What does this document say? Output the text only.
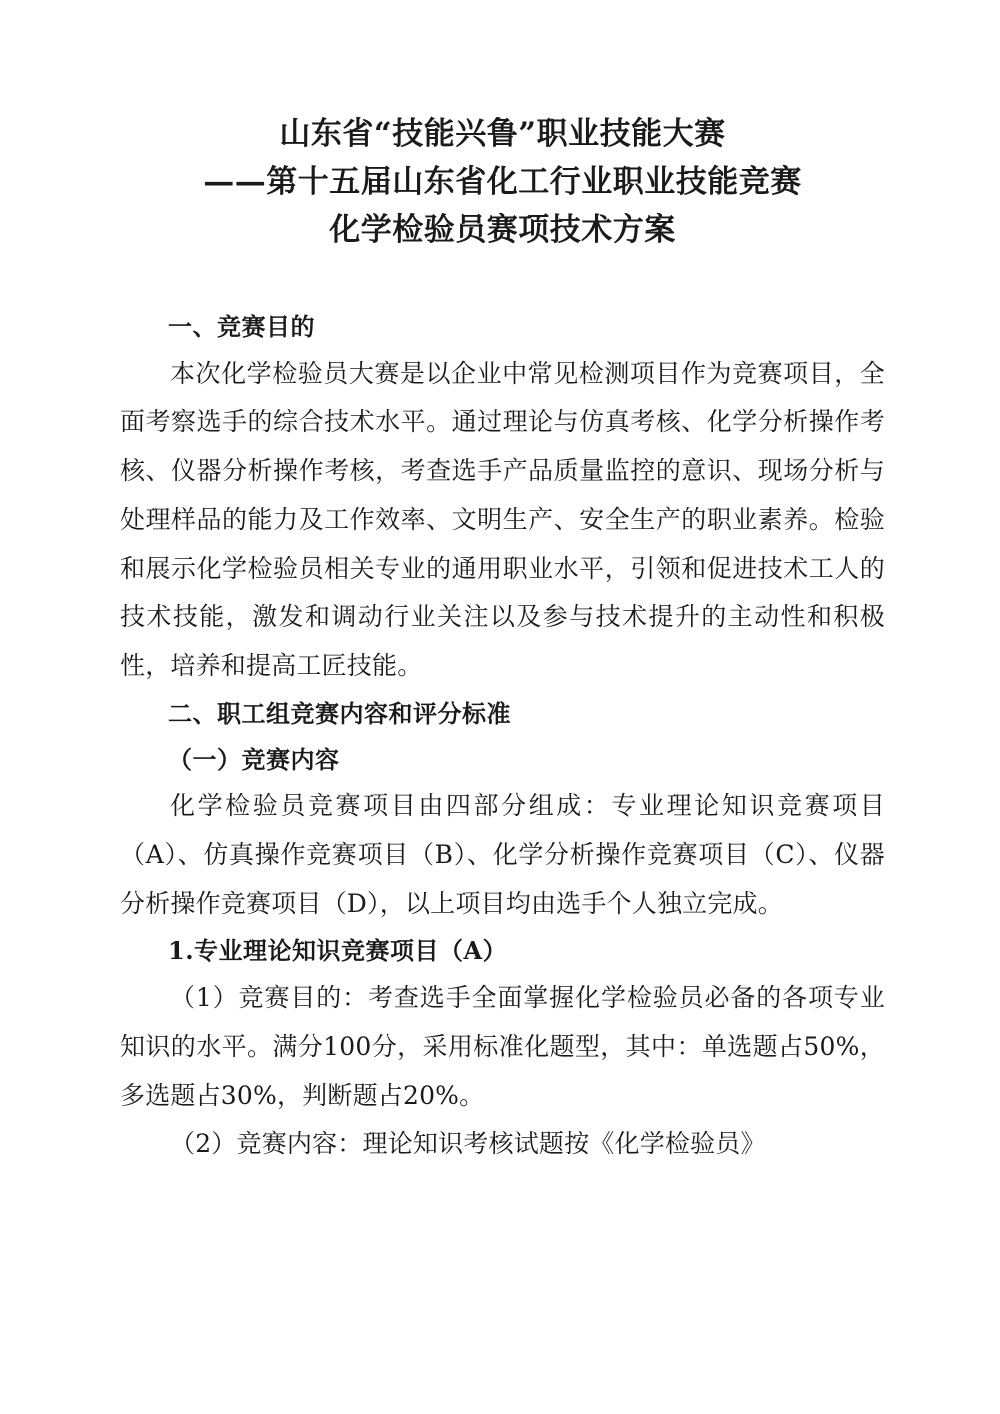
山东省“技能兴鲁”职业技能大赛
——第十五届山东省化工行业职业技能竞赛
化学检验员赛项技术方案
一、竞赛目的

本次化学检验员大赛是以企业中常见检测项目作为竞赛项目，全面考察选手的综合技术水平。通过理论与仿真考核、化学分析操作考核、仪器分析操作考核，考查选手产品质量监控的意识、现场分析与处理样品的能力及工作效率、文明生产、安全生产的职业素养。检验和展示化学检验员相关专业的通用职业水平，引领和促进技术工人的技术技能，激发和调动行业关注以及参与技术提升的主动性和积极性，培养和提高工匠技能。

二、职工组竞赛内容和评分标准
（一）竞赛内容

化学检验员竞赛项目由四部分组成：专业理论知识竞赛项目（A）、仿真操作竞赛项目（B）、化学分析操作竞赛项目（C）、仪器分析操作竞赛项目（D），以上项目均由选手个人独立完成。

1.专业理论知识竞赛项目（A）

（1）竞赛目的：考查选手全面掌握化学检验员必备的各项专业知识的水平。满分100分，采用标准化题型，其中：单选题占50%，多选题占30%，判断题占20%。

（2）竞赛内容：理论知识考核试题按《化学检验员》
